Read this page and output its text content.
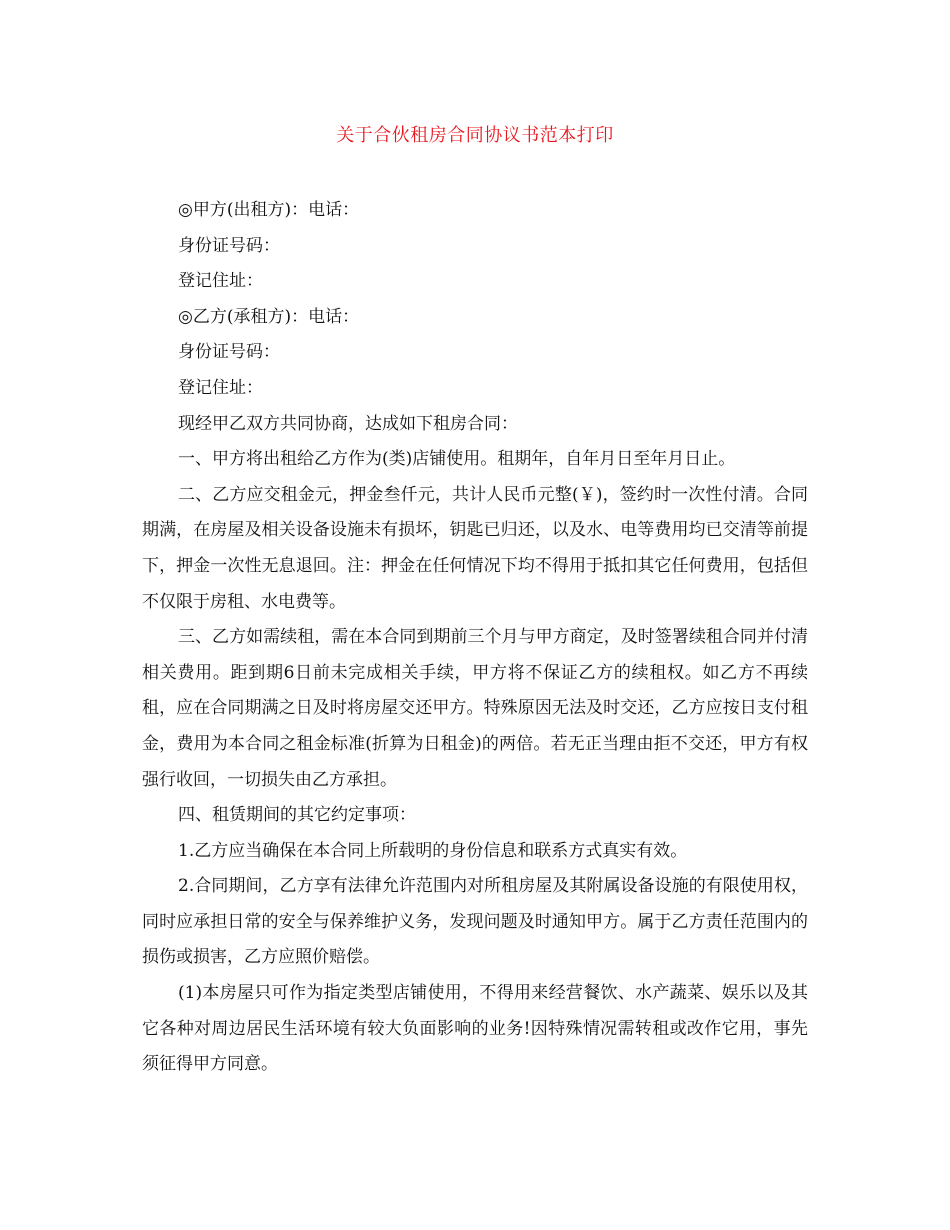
关于合伙租房合同协议书范本打印

◎甲方(出租方)：电话：

身份证号码：

登记住址：

◎乙方(承租方)：电话：

身份证号码：

登记住址：

现经甲乙双方共同协商，达成如下租房合同：

一、甲方将出租给乙方作为(类)店铺使用。租期年，自年月日至年月日止。

二、乙方应交租金元，押金叁仟元，共计人民币元整(￥)，签约时一次性付清。合同期满，在房屋及相关设备设施未有损坏，钥匙已归还，以及水、电等费用均已交清等前提下，押金一次性无息退回。注：押金在任何情况下均不得用于抵扣其它任何费用，包括但不仅限于房租、水电费等。

三、乙方如需续租，需在本合同到期前三个月与甲方商定，及时签署续租合同并付清相关费用。距到期6日前未完成相关手续，甲方将不保证乙方的续租权。如乙方不再续租，应在合同期满之日及时将房屋交还甲方。特殊原因无法及时交还，乙方应按日支付租金，费用为本合同之租金标准(折算为日租金)的两倍。若无正当理由拒不交还，甲方有权强行收回，一切损失由乙方承担。

四、租赁期间的其它约定事项：

1.乙方应当确保在本合同上所载明的身份信息和联系方式真实有效。

2.合同期间，乙方享有法律允许范围内对所租房屋及其附属设备设施的有限使用权，同时应承担日常的安全与保养维护义务，发现问题及时通知甲方。属于乙方责任范围内的损伤或损害，乙方应照价赔偿。

(1)本房屋只可作为指定类型店铺使用，不得用来经营餐饮、水产蔬菜、娱乐以及其它各种对周边居民生活环境有较大负面影响的业务!因特殊情况需转租或改作它用，事先须征得甲方同意。
